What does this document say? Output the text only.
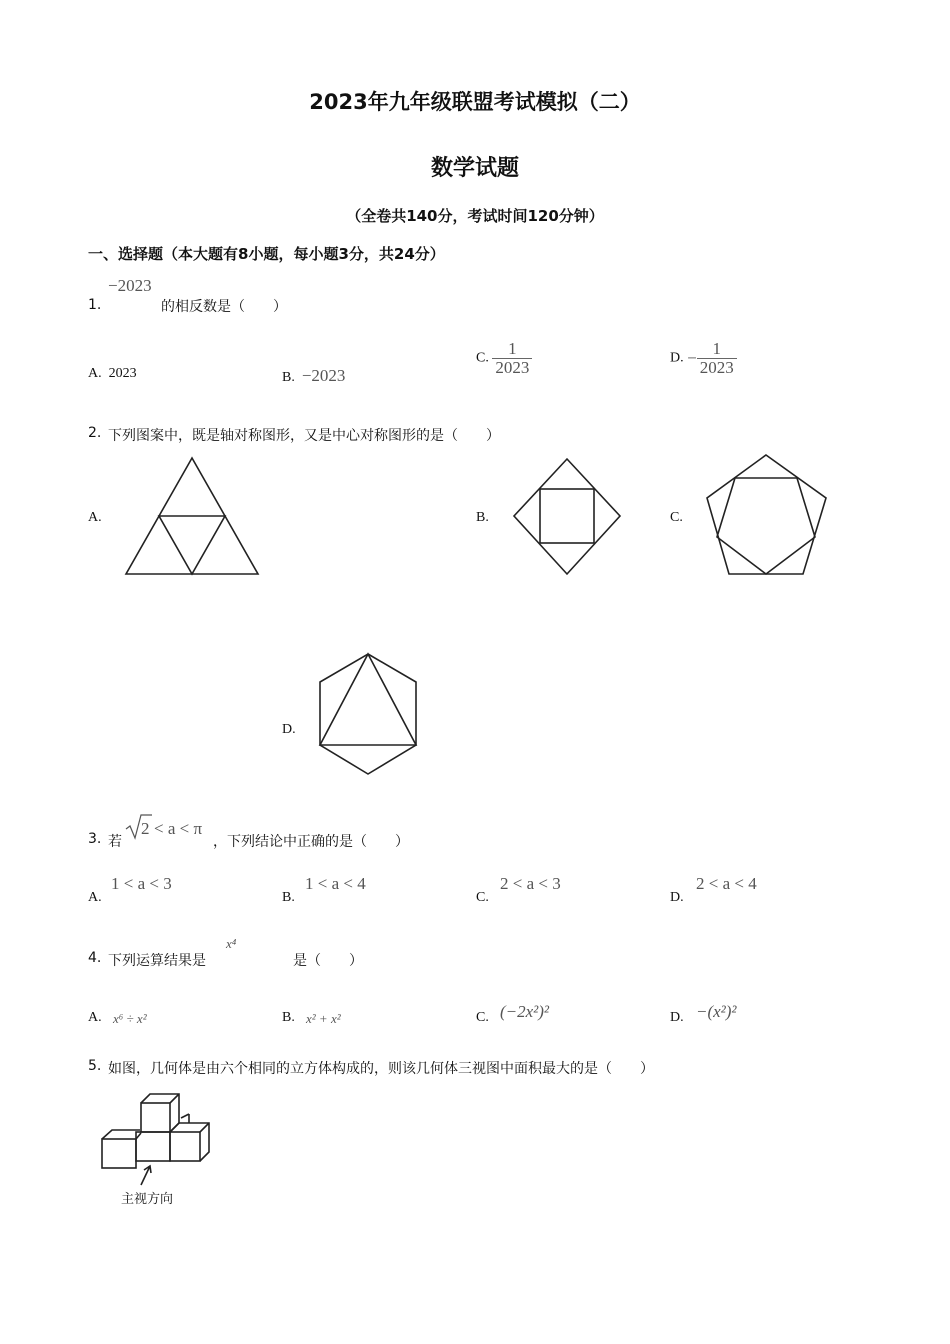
2023年九年级联盟考试模拟（二）
数学试题
（全卷共140分，考试时间120分钟）
一、选择题（本大题有8小题，每小题3分，共24分）
1.
−2023
的相反数是（　　）
A. 2023	B. −2023
C. $\frac{1}{2023}$	D. − $\frac{1}{2023}$
2. 下列图案中，既是轴对称图形，又是中心对称图形的是（　　）
A.	B.	C.
D.
3. 若
2 < a < π
，下列结论中正确的是（　　）
A.
1 < a < 3
B.
1 < a < 4
C.
2 < a < 3
D.
2 < a < 4
4. 下列运算结果是
x⁴
是（　　）
A. x⁶ ÷ x²	B. x² + x²	C. (−2x²)²	D. −(x²)²
5. 如图，几何体是由六个相同的立方体构成的，则该几何体三视图中面积最大的是（　　）
主视方向
